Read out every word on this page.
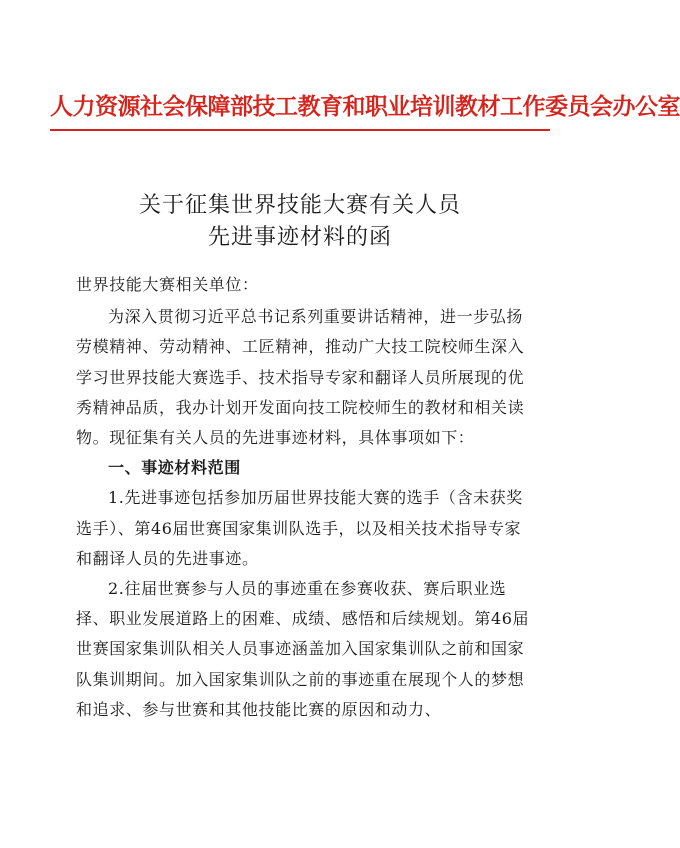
人力资源社会保障部技工教育和职业培训教材工作委员会办公室
关于征集世界技能大赛有关人员
先进事迹材料的函

世界技能大赛相关单位：

为深入贯彻习近平总书记系列重要讲话精神，进一步弘扬劳模精神、劳动精神、工匠精神，推动广大技工院校师生深入学习世界技能大赛选手、技术指导专家和翻译人员所展现的优秀精神品质，我办计划开发面向技工院校师生的教材和相关读物。现征集有关人员的先进事迹材料，具体事项如下：

一、事迹材料范围

1.先进事迹包括参加历届世界技能大赛的选手（含未获奖选手）、第46届世赛国家集训队选手，以及相关技术指导专家和翻译人员的先进事迹。

2.往届世赛参与人员的事迹重在参赛收获、赛后职业选择、职业发展道路上的困难、成绩、感悟和后续规划。第46届世赛国家集训队相关人员事迹涵盖加入国家集训队之前和国家队集训期间。加入国家集训队之前的事迹重在展现个人的梦想和追求、参与世赛和其他技能比赛的原因和动力、
